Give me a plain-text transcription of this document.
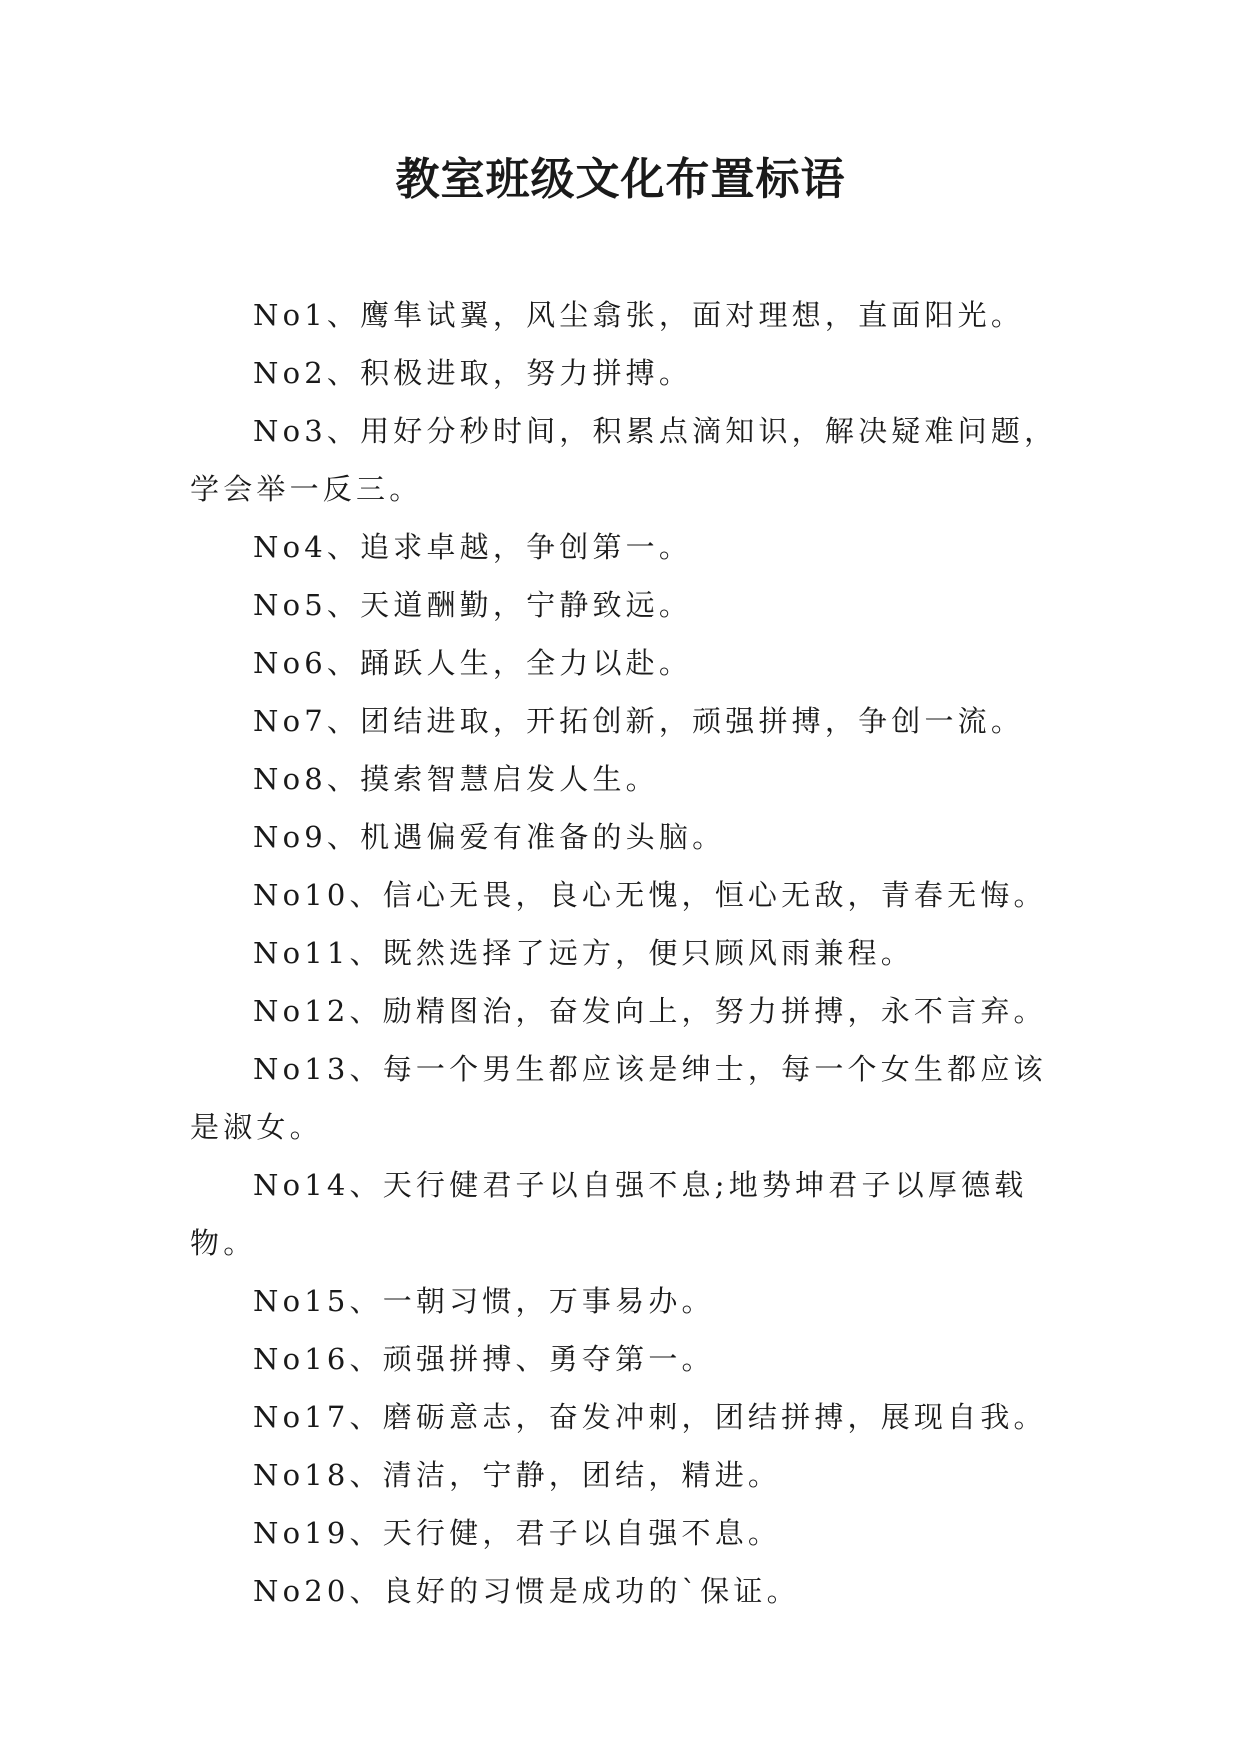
教室班级文化布置标语

No1、鹰隼试翼，风尘翕张，面对理想，直面阳光。

No2、积极进取，努力拼搏。

No3、用好分秒时间，积累点滴知识，解决疑难问题，学会举一反三。

No4、追求卓越，争创第一。

No5、天道酬勤，宁静致远。

No6、踊跃人生，全力以赴。

No7、团结进取，开拓创新，顽强拼搏，争创一流。

No8、摸索智慧启发人生。

No9、机遇偏爱有准备的头脑。

No10、信心无畏，良心无愧，恒心无敌，青春无悔。

No11、既然选择了远方，便只顾风雨兼程。

No12、励精图治，奋发向上，努力拼搏，永不言弃。

No13、每一个男生都应该是绅士，每一个女生都应该是淑女。

No14、天行健君子以自强不息;地势坤君子以厚德载物。

No15、一朝习惯，万事易办。

No16、顽强拼搏、勇夺第一。

No17、磨砺意志，奋发冲刺，团结拼搏，展现自我。

No18、清洁，宁静，团结，精进。

No19、天行健，君子以自强不息。

No20、良好的习惯是成功的`保证。
